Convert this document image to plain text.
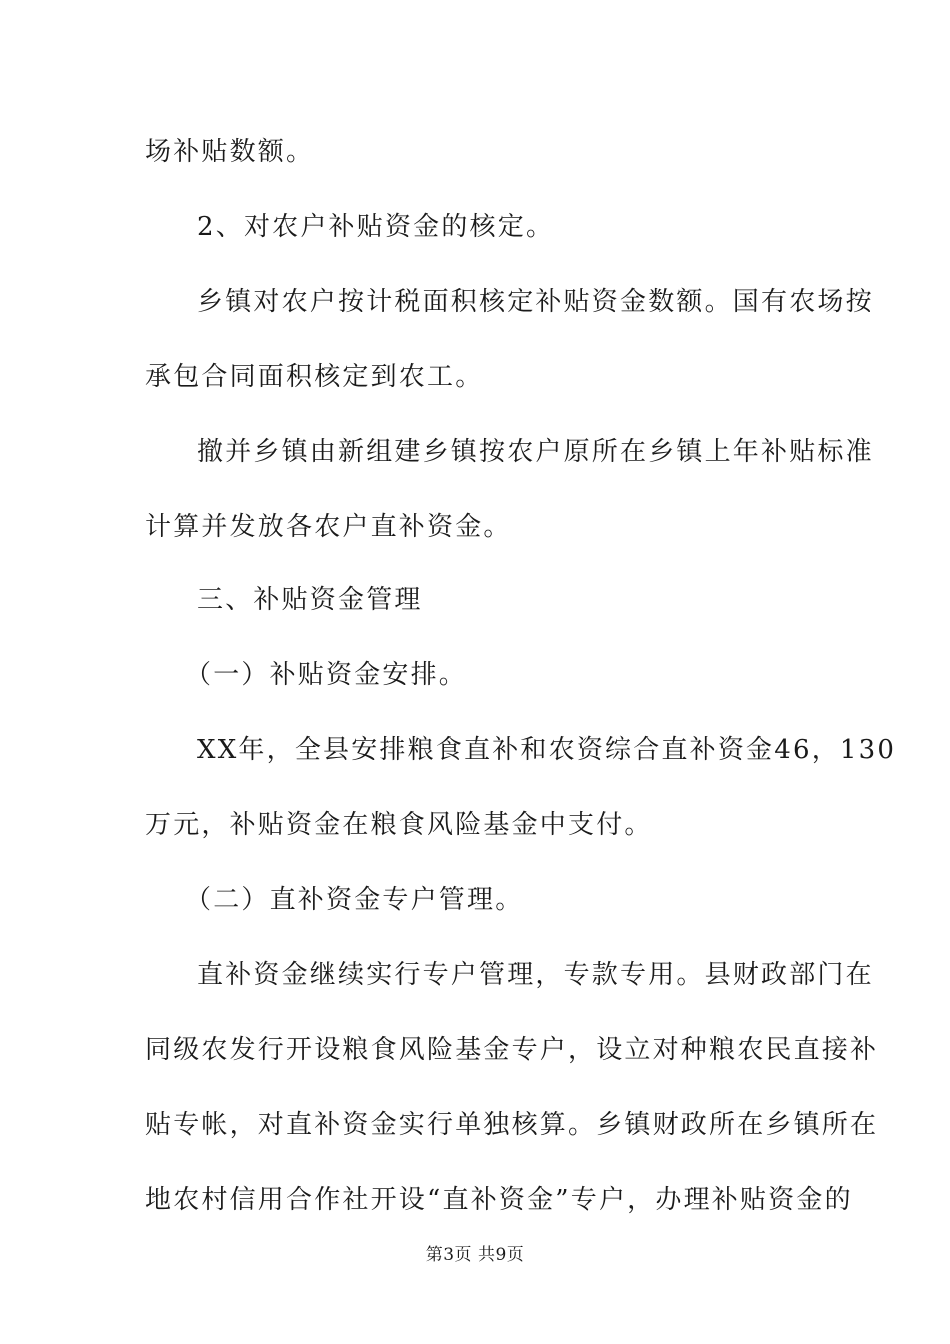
场补贴数额。
2、对农户补贴资金的核定。
乡镇对农户按计税面积核定补贴资金数额。国有农场按
承包合同面积核定到农工。
撤并乡镇由新组建乡镇按农户原所在乡镇上年补贴标准
计算并发放各农户直补资金。
三、补贴资金管理
（一）补贴资金安排。
XX年，全县安排粮食直补和农资综合直补资金46，130
万元，补贴资金在粮食风险基金中支付。
（二）直补资金专户管理。
直补资金继续实行专户管理，专款专用。县财政部门在
同级农发行开设粮食风险基金专户，设立对种粮农民直接补
贴专帐，对直补资金实行单独核算。乡镇财政所在乡镇所在
地农村信用合作社开设“直补资金”专户，办理补贴资金的
第3页 共9页
